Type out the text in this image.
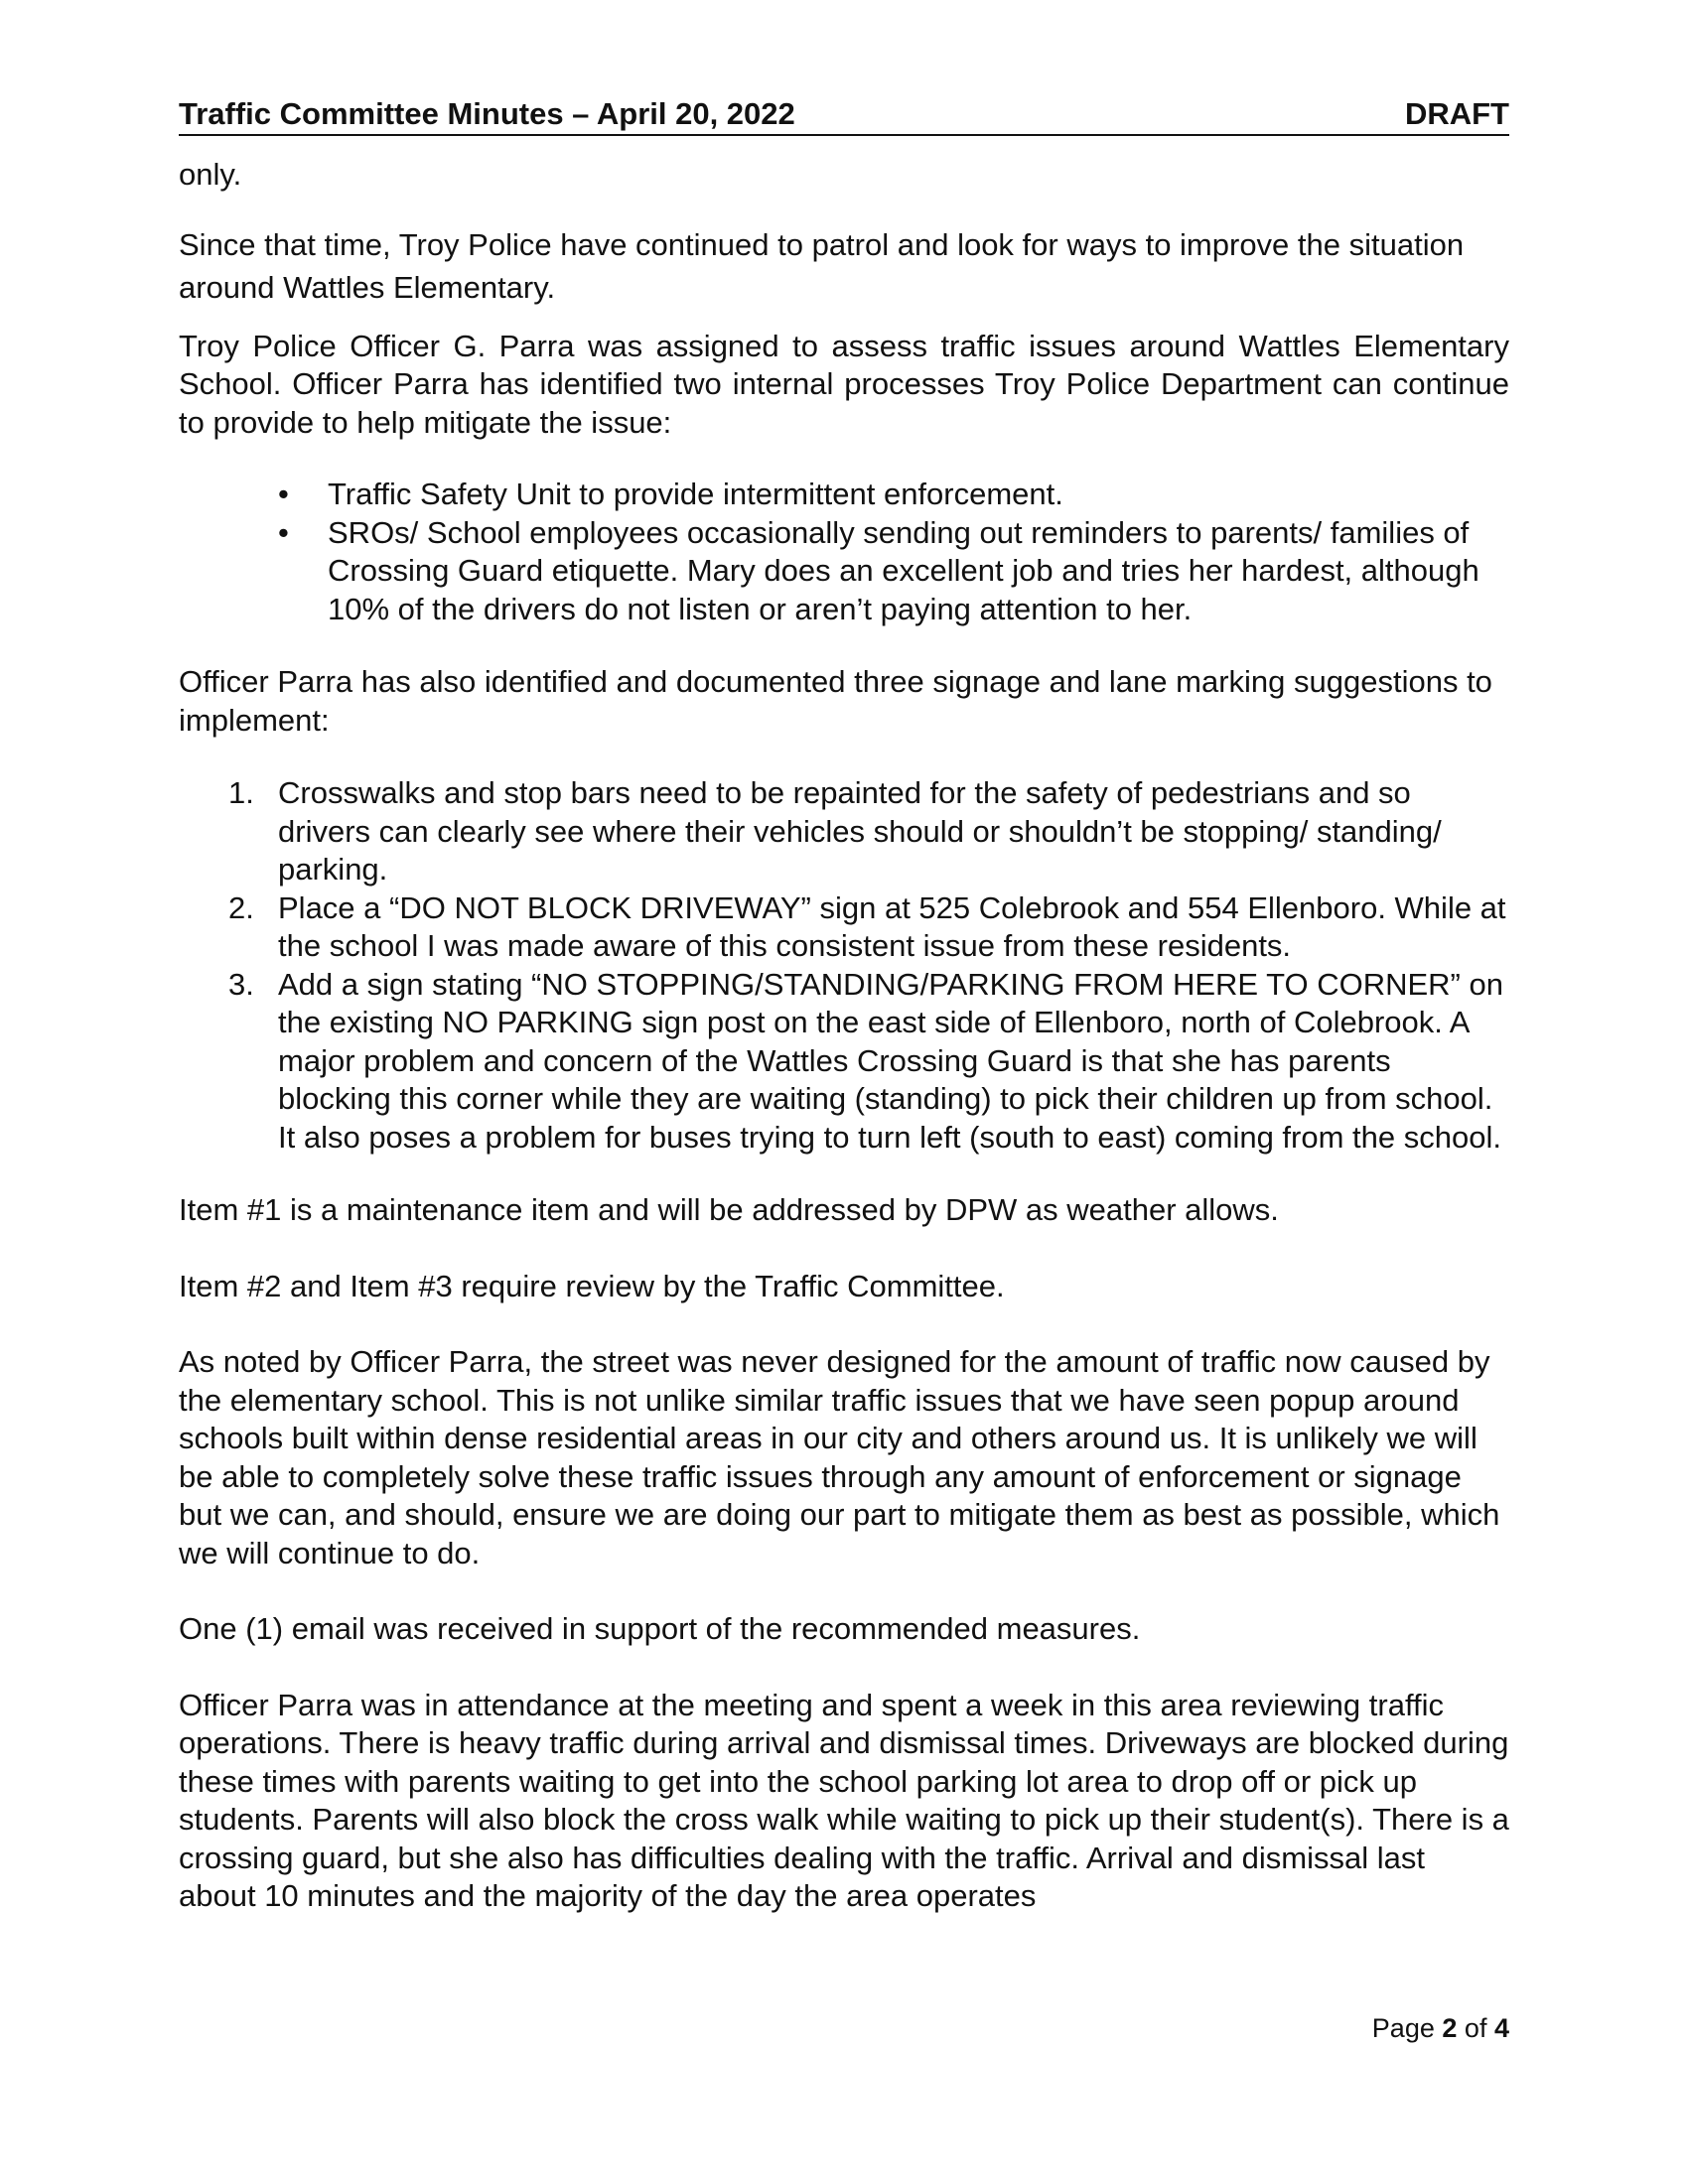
Traffic Committee Minutes – April 20, 2022	DRAFT

only.

Since that time, Troy Police have continued to patrol and look for ways to improve the situation around Wattles Elementary.

Troy Police Officer G. Parra was assigned to assess traffic issues around Wattles Elementary School. Officer Parra has identified two internal processes Troy Police Department can continue to provide to help mitigate the issue:

• Traffic Safety Unit to provide intermittent enforcement.
• SROs/ School employees occasionally sending out reminders to parents/ families of Crossing Guard etiquette. Mary does an excellent job and tries her hardest, although 10% of the drivers do not listen or aren’t paying attention to her.

Officer Parra has also identified and documented three signage and lane marking suggestions to implement:

1. Crosswalks and stop bars need to be repainted for the safety of pedestrians and so drivers can clearly see where their vehicles should or shouldn’t be stopping/ standing/ parking.
2. Place a “DO NOT BLOCK DRIVEWAY” sign at 525 Colebrook and 554 Ellenboro. While at the school I was made aware of this consistent issue from these residents.
3. Add a sign stating “NO STOPPING/STANDING/PARKING FROM HERE TO CORNER” on the existing NO PARKING sign post on the east side of Ellenboro, north of Colebrook. A major problem and concern of the Wattles Crossing Guard is that she has parents blocking this corner while they are waiting (standing) to pick their children up from school. It also poses a problem for buses trying to turn left (south to east) coming from the school.

Item #1 is a maintenance item and will be addressed by DPW as weather allows.

Item #2 and Item #3 require review by the Traffic Committee.

As noted by Officer Parra, the street was never designed for the amount of traffic now caused by the elementary school. This is not unlike similar traffic issues that we have seen popup around schools built within dense residential areas in our city and others around us. It is unlikely we will be able to completely solve these traffic issues through any amount of enforcement or signage but we can, and should, ensure we are doing our part to mitigate them as best as possible, which we will continue to do.

One (1) email was received in support of the recommended measures.

Officer Parra was in attendance at the meeting and spent a week in this area reviewing traffic operations. There is heavy traffic during arrival and dismissal times. Driveways are blocked during these times with parents waiting to get into the school parking lot area to drop off or pick up students. Parents will also block the cross walk while waiting to pick up their student(s). There is a crossing guard, but she also has difficulties dealing with the traffic. Arrival and dismissal last about 10 minutes and the majority of the day the area operates

Page 2 of 4
